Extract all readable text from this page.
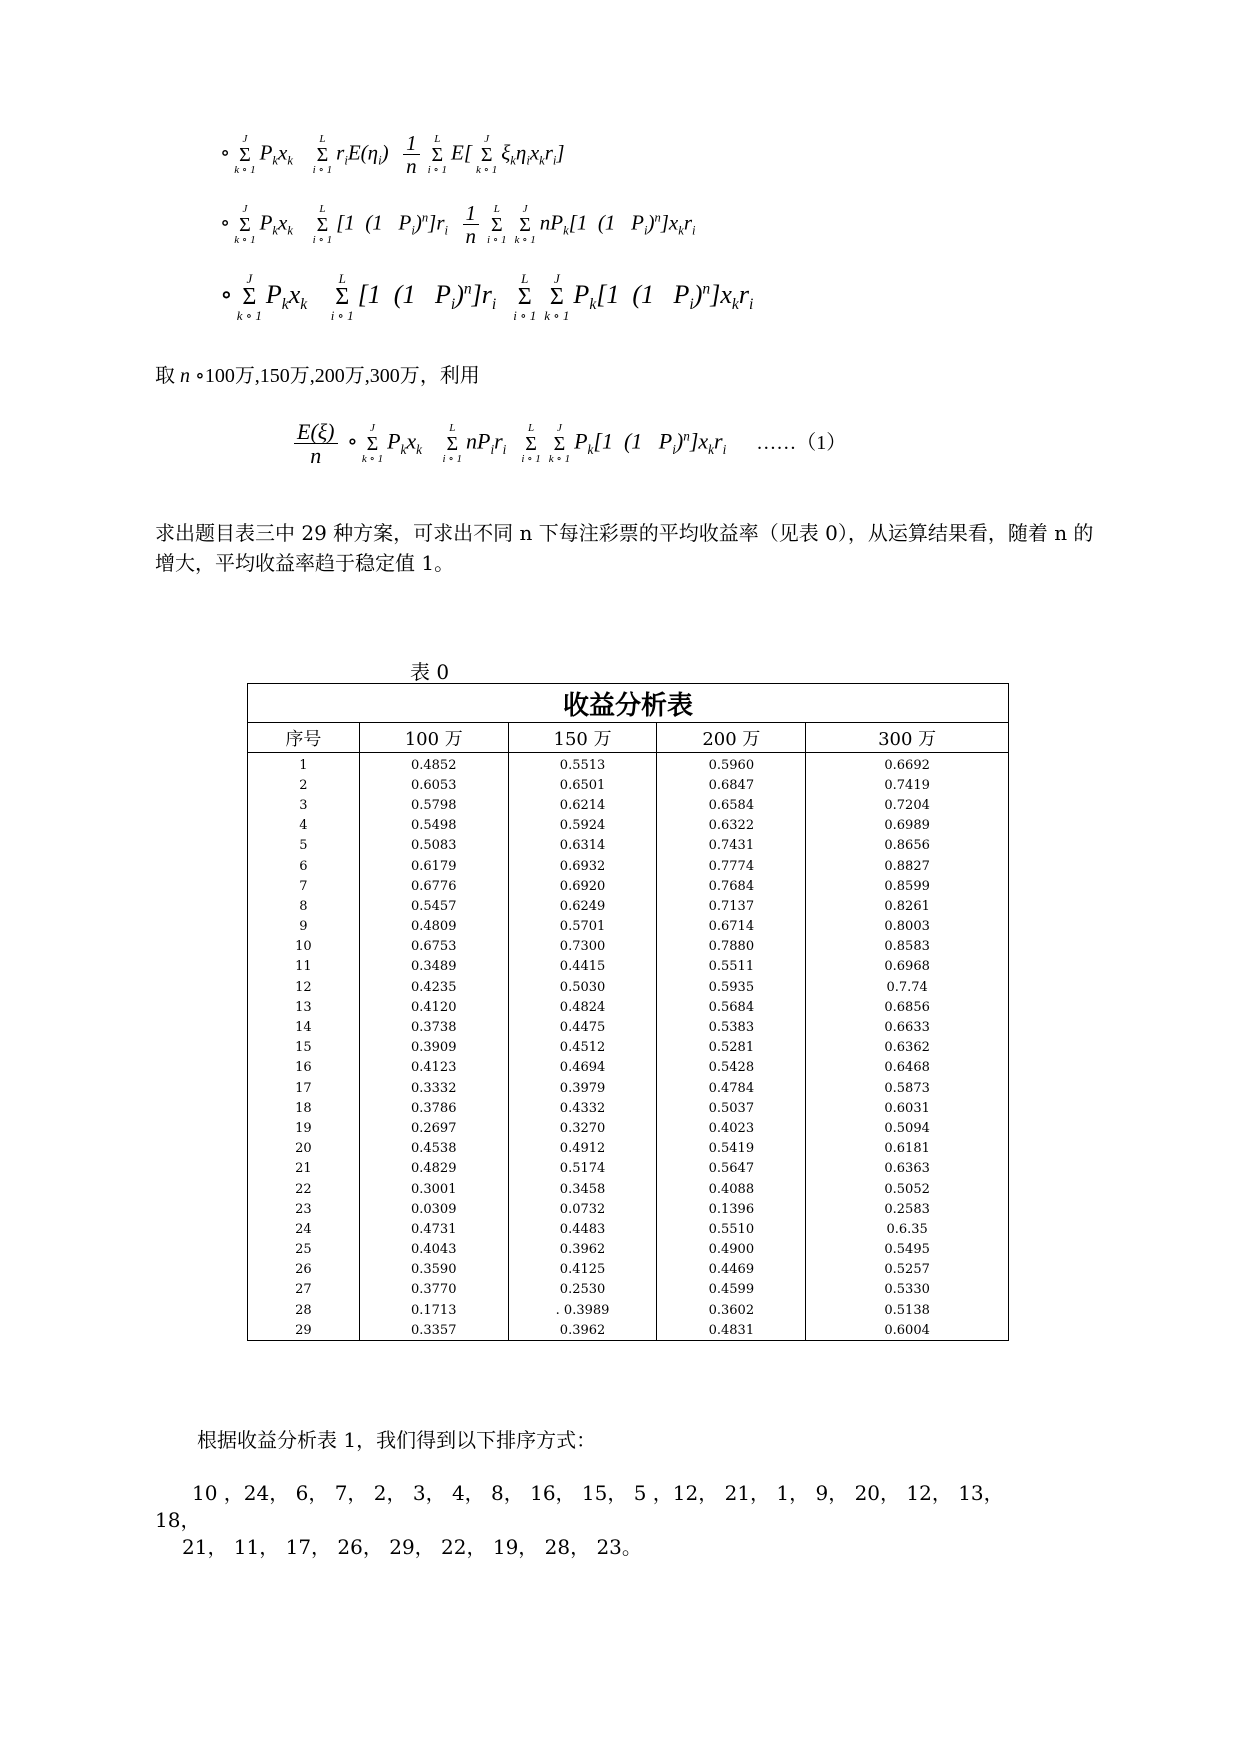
∘
J
Σ
k ∘ 1
$P_kx_k$
L
Σ
i ∘ 1
$r_iE(\eta_i) \frac{1}{n}$	L
Σ
i ∘ 1
E[
J
Σ
k ∘ 1
$\xi_k\eta_ix_kr_i$]
∘
J
Σ
k ∘ 1
$P_kx_k$
L
Σ
i ∘ 1
[1  (1   $P_i)^n]r_i \frac{1}{n}$	L
Σ
i ∘ 1
J
Σ
k ∘ 1
$nP_k[1$  (1   $P_i)^n]x_kr_i$
∘
J
Σ
k ∘ 1
$P_kx_k$
L
Σ
i ∘ 1
[1  (1   $P_i)^n]r_i$
L
Σ
i ∘ 1
J
Σ
k ∘ 1
$P_k[1$  (1   $P_i)^n]x_kr_i$
取 n ∘100万,150万,200万,300万，利用
$\frac{E(\xi)}{n}$ ∘
J
Σ
k ∘ 1
$P_kx_k$
L
Σ
i ∘ 1
$nP_ir_i$
L
Σ
i ∘ 1
J
Σ
k ∘ 1
$P_k[1$  (1   $P_i)^n]x_kr_i$ ……（1）
求出题目表三中 29 种方案，可求出不同 n 下每注彩票的平均收益率（见表 0），从运算结果看，随着 n 的增大，平均收益率趋于稳定值 1。
表 0
收益分析表				
序号	100 万	150 万	200 万	300 万
1	0.4852	0.5513	0.5960	0.6692
2	0.6053	0.6501	0.6847	0.7419
3	0.5798	0.6214	0.6584	0.7204
4	0.5498	0.5924	0.6322	0.6989
5	0.5083	0.6314	0.7431	0.8656
6	0.6179	0.6932	0.7774	0.8827
7	0.6776	0.6920	0.7684	0.8599
8	0.5457	0.6249	0.7137	0.8261
9	0.4809	0.5701	0.6714	0.8003
10	0.6753	0.7300	0.7880	0.8583
11	0.3489	0.4415	0.5511	0.6968
12	0.4235	0.5030	0.5935	0.7.74
13	0.4120	0.4824	0.5684	0.6856
14	0.3738	0.4475	0.5383	0.6633
15	0.3909	0.4512	0.5281	0.6362
16	0.4123	0.4694	0.5428	0.6468
17	0.3332	0.3979	0.4784	0.5873
18	0.3786	0.4332	0.5037	0.6031
19	0.2697	0.3270	0.4023	0.5094
20	0.4538	0.4912	0.5419	0.6181
21	0.4829	0.5174	0.5647	0.6363
22	0.3001	0.3458	0.4088	0.5052
23	0.0309	0.0732	0.1396	0.2583
24	0.4731	0.4483	0.5510	0.6.35
25	0.4043	0.3962	0.4900	0.5495
26	0.3590	0.4125	0.4469	0.5257
27	0.3770	0.2530	0.4599	0.5330
28	0.1713	. 0.3989	0.3602	0.5138
29	0.3357	0.3962	0.4831	0.6004
根据收益分析表 1，我们得到以下排序方式：
10 ，24， 6， 7， 2， 3， 4， 8， 16， 15， 5 ，12， 21， 1， 9， 20， 12， 13，
18，
21， 11， 17， 26， 29， 22， 19， 28， 23。
